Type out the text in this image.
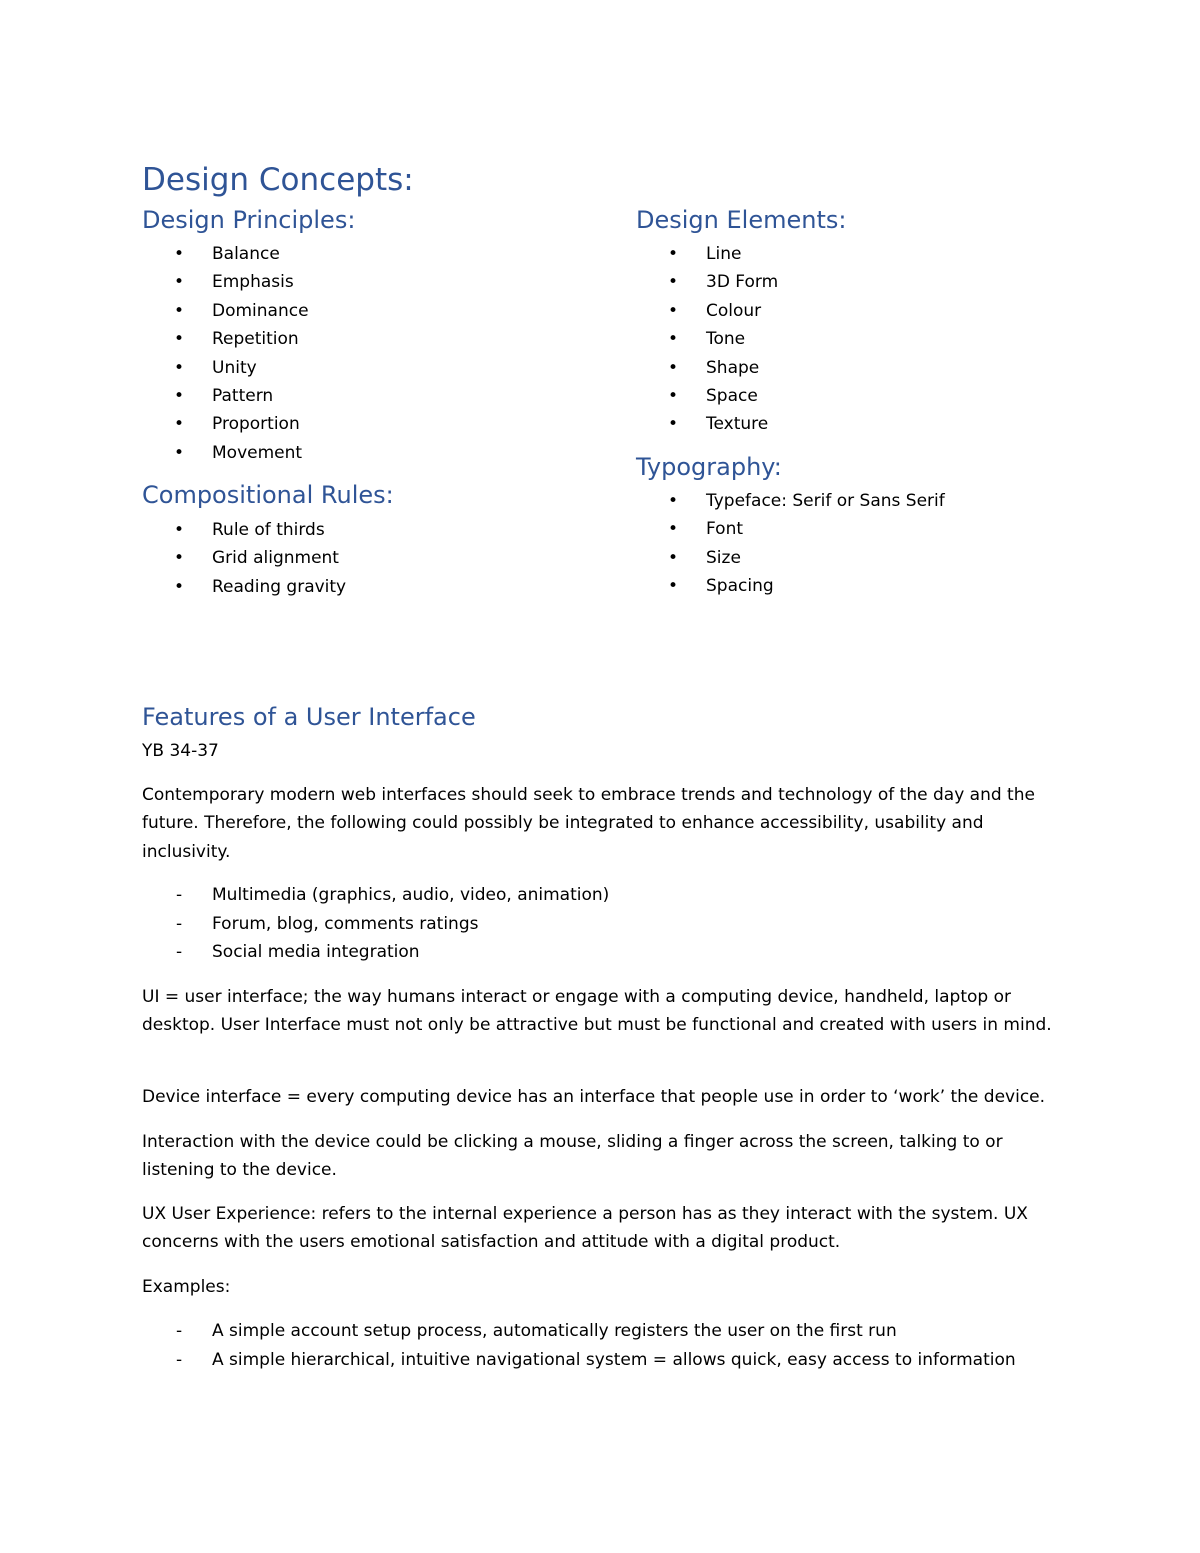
Design Concepts:
Design Principles:
• Balance
• Emphasis
• Dominance
• Repetition
• Unity
• Pattern
• Proportion
• Movement
Compositional Rules:
• Rule of thirds
• Grid alignment
• Reading gravity
Design Elements:
• Line
• 3D Form
• Colour
• Tone
• Shape
• Space
• Texture
Typography:
• Typeface: Serif or Sans Serif
• Font
• Size
• Spacing
Features of a User Interface
YB 34-37
Contemporary modern web interfaces should seek to embrace trends and technology of the day and the future. Therefore, the following could possibly be integrated to enhance accessibility, usability and inclusivity.
- Multimedia (graphics, audio, video, animation)
- Forum, blog, comments ratings
- Social media integration
UI = user interface; the way humans interact or engage with a computing device, handheld, laptop or desktop. User Interface must not only be attractive but must be functional and created with users in mind.
Device interface = every computing device has an interface that people use in order to ‘work’ the device.
Interaction with the device could be clicking a mouse, sliding a finger across the screen, talking to or listening to the device.
UX User Experience: refers to the internal experience a person has as they interact with the system. UX concerns with the users emotional satisfaction and attitude with a digital product.
Examples:
- A simple account setup process, automatically registers the user on the first run
- A simple hierarchical, intuitive navigational system = allows quick, easy access to information
